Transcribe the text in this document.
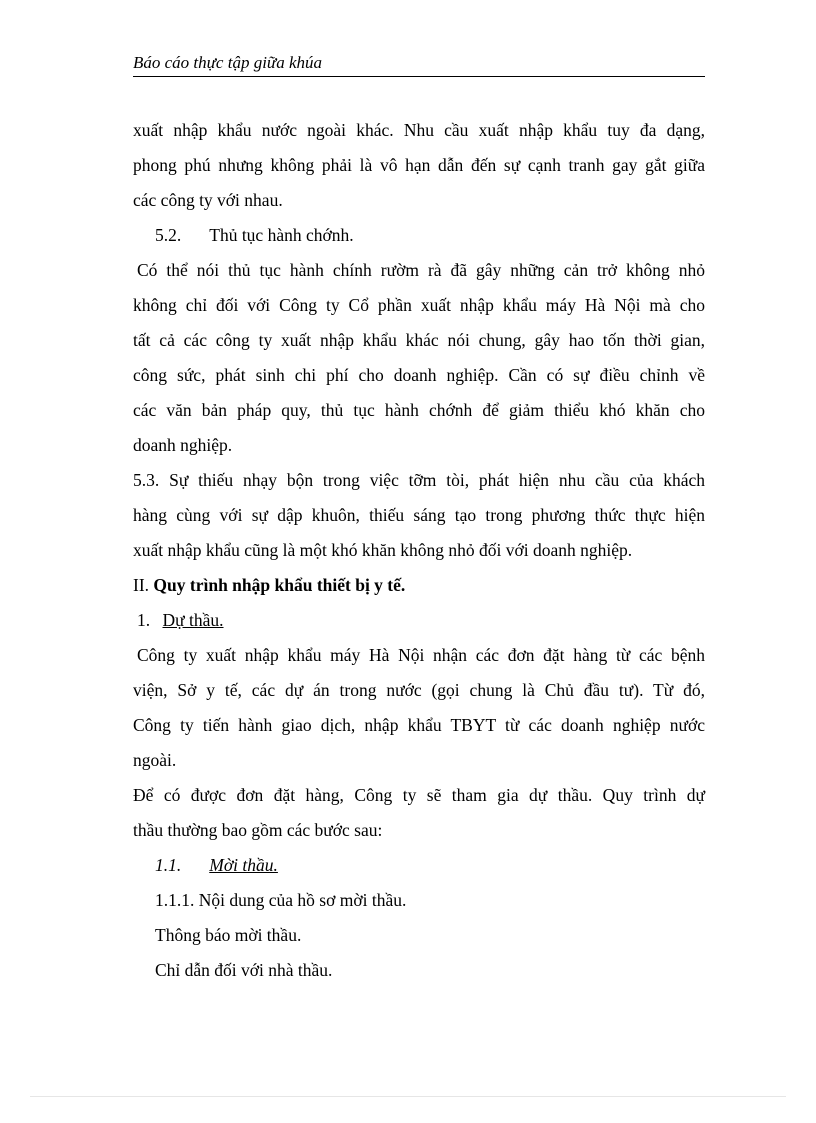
Báo cáo thực tập giữa khúa
xuất nhập khẩu nước ngoài khác. Nhu cầu xuất nhập khẩu tuy đa dạng,
phong phú nhưng không phải là vô hạn dẫn đến sự cạnh tranh gay gắt giữa
các công ty với nhau.
5.2. Thủ tục hành chớnh.
Có thể nói thủ tục hành chính rườm rà đã gây những cản trở không nhỏ
không chỉ đối với Công ty Cổ phần xuất nhập khẩu máy Hà Nội mà cho
tất cả các công ty xuất nhập khẩu khác nói chung, gây hao tốn thời gian,
công sức, phát sinh chi phí cho doanh nghiệp. Cần có sự điều chỉnh về
các văn bản pháp quy, thủ tục hành chớnh để giảm thiểu khó khăn cho
doanh nghiệp.
5.3. Sự thiếu nhạy bộn trong việc tỡm tòi, phát hiện nhu cầu của khách
hàng cùng với sự dập khuôn, thiếu sáng tạo trong phương thức thực hiện
xuất nhập khẩu cũng là một khó khăn không nhỏ đối với doanh nghiệp.
II. Quy trình nhập khẩu thiết bị y tế.
1. Dự thầu.
Công ty xuất nhập khẩu máy Hà Nội nhận các đơn đặt hàng từ các bệnh
viện, Sở y tế, các dự án trong nước (gọi chung là Chủ đầu tư). Từ đó,
Công ty tiến hành giao dịch, nhập khẩu TBYT từ các doanh nghiệp nước
ngoài.
Để có được đơn đặt hàng, Công ty sẽ tham gia dự thầu. Quy trình dự
thầu thường bao gồm các bước sau:
1.1. Mời thầu.
1.1.1. Nội dung của hồ sơ mời thầu.
Thông báo mời thầu.
Chỉ dẫn đối với nhà thầu.
